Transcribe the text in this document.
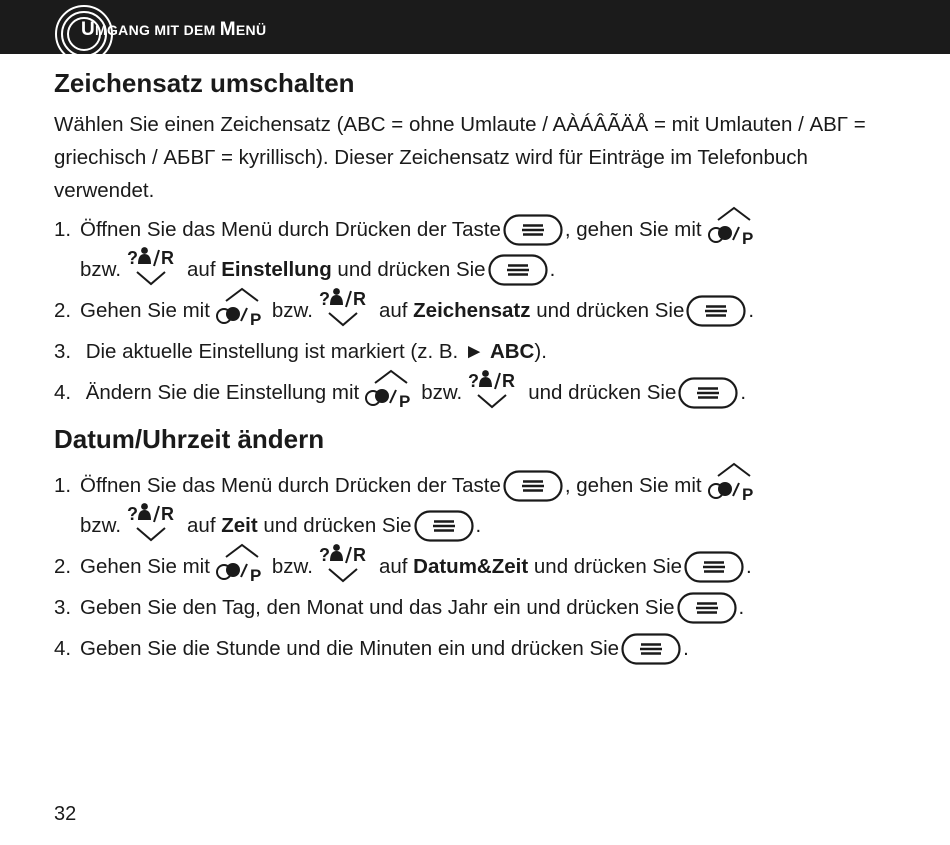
UMGANG MIT DEM MENÜ
Zeichensatz umschalten

Wählen Sie einen Zeichensatz (ABC = ohne Umlaute / AÀÁÂÃÄÅ = mit Umlauten / ΑΒΓ = griechisch / АБВГ = kyrillisch). Dieser Zeichensatz wird für Einträge im Telefonbuch verwendet.

1. Öffnen Sie das Menü durch Drücken der Taste	, gehen Sie mit
bzw.	auf
Einstellung
und drücken Sie	.
2. Gehen Sie mit	bzw.	auf
Zeichensatz
und drücken Sie	.
3.
Die aktuelle Einstellung ist markiert (z. B. ►
ABC ).
4.
Ändern Sie die Einstellung mit	bzw.	und drücken Sie	.
Datum/Uhrzeit ändern
1. Öffnen Sie das Menü durch Drücken der Taste	, gehen Sie mit
bzw.	auf
Zeit
und drücken Sie	.
2. Gehen Sie mit	bzw.	auf
Datum&Zeit
und drücken Sie	.
3. Geben Sie den Tag, den Monat und das Jahr ein und drücken Sie	.
4. Geben Sie die Stunde und die Minuten ein und drücken Sie	.
32
